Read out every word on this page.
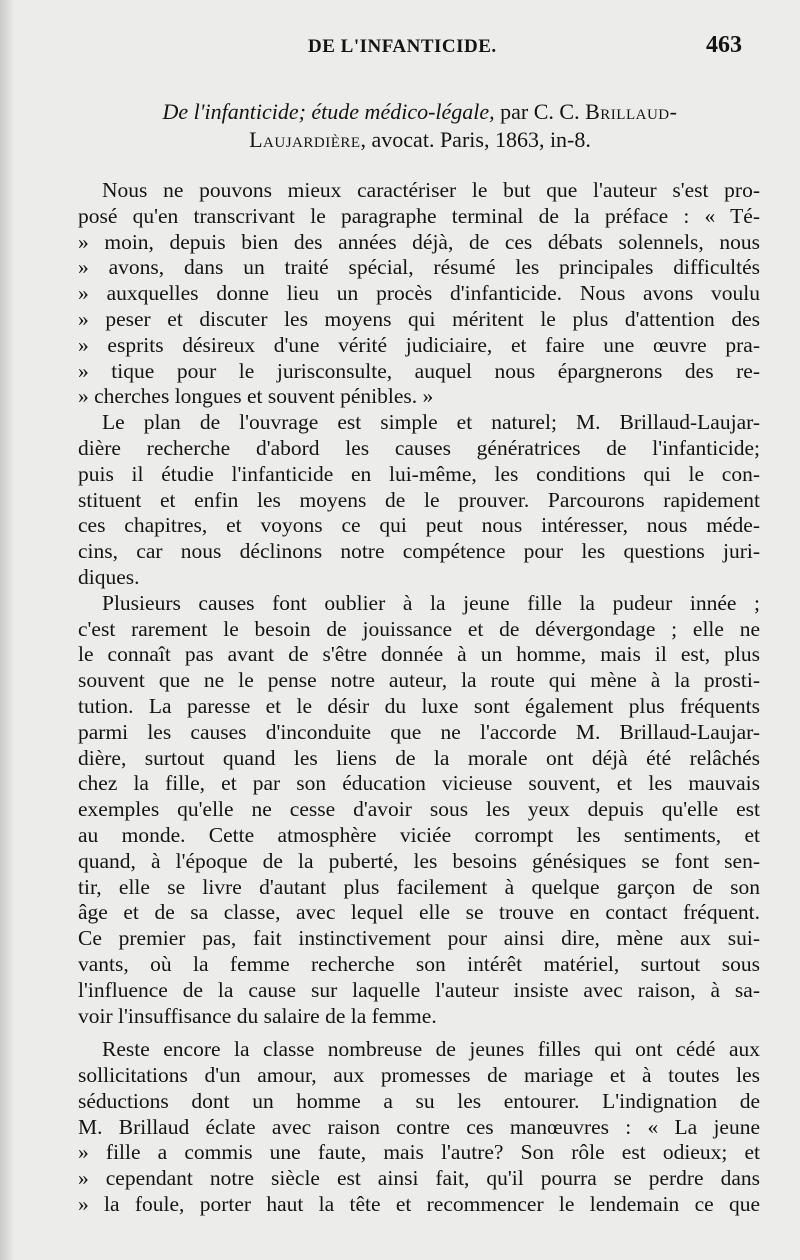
DE L'INFANTICIDE.	463
De l'infanticide; étude médico-légale, par C. C. Brillaud-
Laujardière, avocat. Paris, 1863, in-8.
Nous ne pouvons mieux caractériser le but que l'auteur s'est pro-
posé qu'en transcrivant le paragraphe terminal de la préface : « Té-
» moin, depuis bien des années déjà, de ces débats solennels, nous
» avons, dans un traité spécial, résumé les principales difficultés
» auxquelles donne lieu un procès d'infanticide. Nous avons voulu
» peser et discuter les moyens qui méritent le plus d'attention des
» esprits désireux d'une vérité judiciaire, et faire une œuvre pra-
» tique pour le jurisconsulte, auquel nous épargnerons des re-
» cherches longues et souvent pénibles. »
Le plan de l'ouvrage est simple et naturel; M. Brillaud-Laujar-
dière recherche d'abord les causes génératrices de l'infanticide;
puis il étudie l'infanticide en lui-même, les conditions qui le con-
stituent et enfin les moyens de le prouver. Parcourons rapidement
ces chapitres, et voyons ce qui peut nous intéresser, nous méde-
cins, car nous déclinons notre compétence pour les questions juri-
diques.
Plusieurs causes font oublier à la jeune fille la pudeur innée ;
c'est rarement le besoin de jouissance et de dévergondage ; elle ne
le connaît pas avant de s'être donnée à un homme, mais il est, plus
souvent que ne le pense notre auteur, la route qui mène à la prosti-
tution. La paresse et le désir du luxe sont également plus fréquents
parmi les causes d'inconduite que ne l'accorde M. Brillaud-Laujar-
dière, surtout quand les liens de la morale ont déjà été relâchés
chez la fille, et par son éducation vicieuse souvent, et les mauvais
exemples qu'elle ne cesse d'avoir sous les yeux depuis qu'elle est
au monde. Cette atmosphère viciée corrompt les sentiments, et
quand, à l'époque de la puberté, les besoins génésiques se font sen-
tir, elle se livre d'autant plus facilement à quelque garçon de son
âge et de sa classe, avec lequel elle se trouve en contact fréquent.
Ce premier pas, fait instinctivement pour ainsi dire, mène aux sui-
vants, où la femme recherche son intérêt matériel, surtout sous
l'influence de la cause sur laquelle l'auteur insiste avec raison, à sa-
voir l'insuffisance du salaire de la femme.
Reste encore la classe nombreuse de jeunes filles qui ont cédé aux
sollicitations d'un amour, aux promesses de mariage et à toutes les
séductions dont un homme a su les entourer. L'indignation de
M. Brillaud éclate avec raison contre ces manœuvres : « La jeune
» fille a commis une faute, mais l'autre? Son rôle est odieux; et
» cependant notre siècle est ainsi fait, qu'il pourra se perdre dans
» la foule, porter haut la tête et recommencer le lendemain ce que
